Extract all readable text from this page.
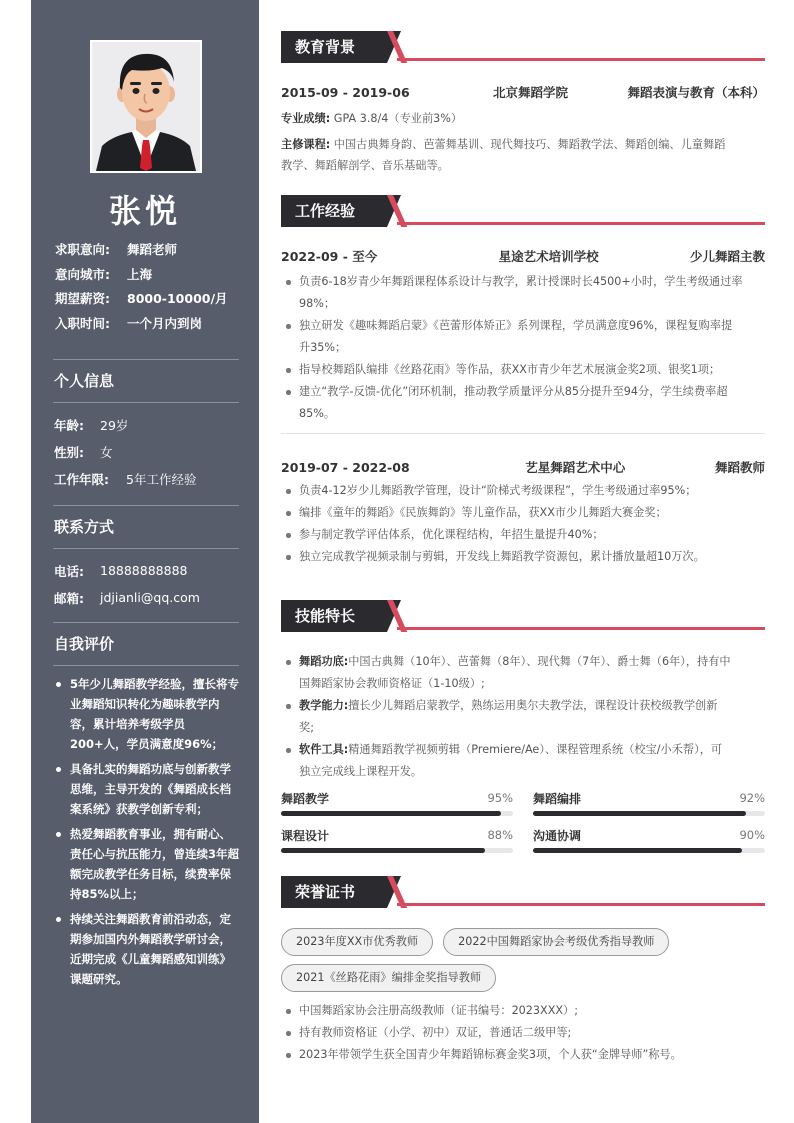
张悦
求职意向:	舞蹈老师
意向城市:	上海
期望薪资:	8000-10000/月
入职时间:	一个月内到岗
个人信息
年龄:	29岁
性别:	女
工作年限:	5年工作经验
联系方式
电话:	18888888888
邮箱:	jdjianli@qq.com
自我评价
5年少儿舞蹈教学经验，擅长将专业舞蹈知识转化为趣味教学内容，累计培养考级学员200+人，学员满意度96%；
具备扎实的舞蹈功底与创新教学思维，主导开发的《舞蹈成长档案系统》获教学创新专利；
热爱舞蹈教育事业，拥有耐心、责任心与抗压能力，曾连续3年超额完成教学任务目标，续费率保持85%以上；
持续关注舞蹈教育前沿动态，定期参加国内外舞蹈教学研讨会，近期完成《儿童舞蹈感知训练》课题研究。
教育背景
2015-09 - 2019-06	北京舞蹈学院	舞蹈表演与教育（本科）
专业成绩: GPA 3.8/4（专业前3%）
主修课程: 中国古典舞身韵、芭蕾舞基训、现代舞技巧、舞蹈教学法、舞蹈创编、儿童舞蹈
教学、舞蹈解剖学、音乐基础等。
工作经验
2022-09 - 至今	星途艺术培训学校	少儿舞蹈主教
负责6-18岁青少年舞蹈课程体系设计与教学，累计授课时长4500+小时，学生考级通过率
98%；
独立研发《趣味舞蹈启蒙》《芭蕾形体矫正》系列课程，学员满意度96%，课程复购率提
升35%；
指导校舞蹈队编排《丝路花雨》等作品，获XX市青少年艺术展演金奖2项、银奖1项；
建立“教学-反馈-优化”闭环机制，推动教学质量评分从85分提升至94分，学生续费率超
85%。
2019-07 - 2022-08	艺星舞蹈艺术中心	舞蹈教师
负责4-12岁少儿舞蹈教学管理，设计“阶梯式考级课程”，学生考级通过率95%；
编排《童年的舞蹈》《民族舞韵》等儿童作品，获XX市少儿舞蹈大赛金奖；
参与制定教学评估体系，优化课程结构，年招生量提升40%；
独立完成教学视频录制与剪辑，开发线上舞蹈教学资源包，累计播放量超10万次。
技能特长
舞蹈功底:中国古典舞（10年）、芭蕾舞（8年）、现代舞（7年）、爵士舞（6年），持有中
国舞蹈家协会教师资格证（1-10级）;
教学能力:擅长少儿舞蹈启蒙教学，熟练运用奥尔夫教学法，课程设计获校级教学创新
奖;
软件工具:精通舞蹈教学视频剪辑（Premiere/Ae）、课程管理系统（校宝/小禾帮），可
独立完成线上课程开发。
舞蹈教学	95% 舞蹈编排	92%
课程设计	88% 沟通协调	90%
荣誉证书
2023年度XX市优秀教师	2022中国舞蹈家协会考级优秀指导教师
2021《丝路花雨》编排金奖指导教师
中国舞蹈家协会注册高级教师（证书编号：2023XXX）;
持有教师资格证（小学、初中）双证，普通话二级甲等;
2023年带领学生获全国青少年舞蹈锦标赛金奖3项，个人获“金牌导师”称号。
